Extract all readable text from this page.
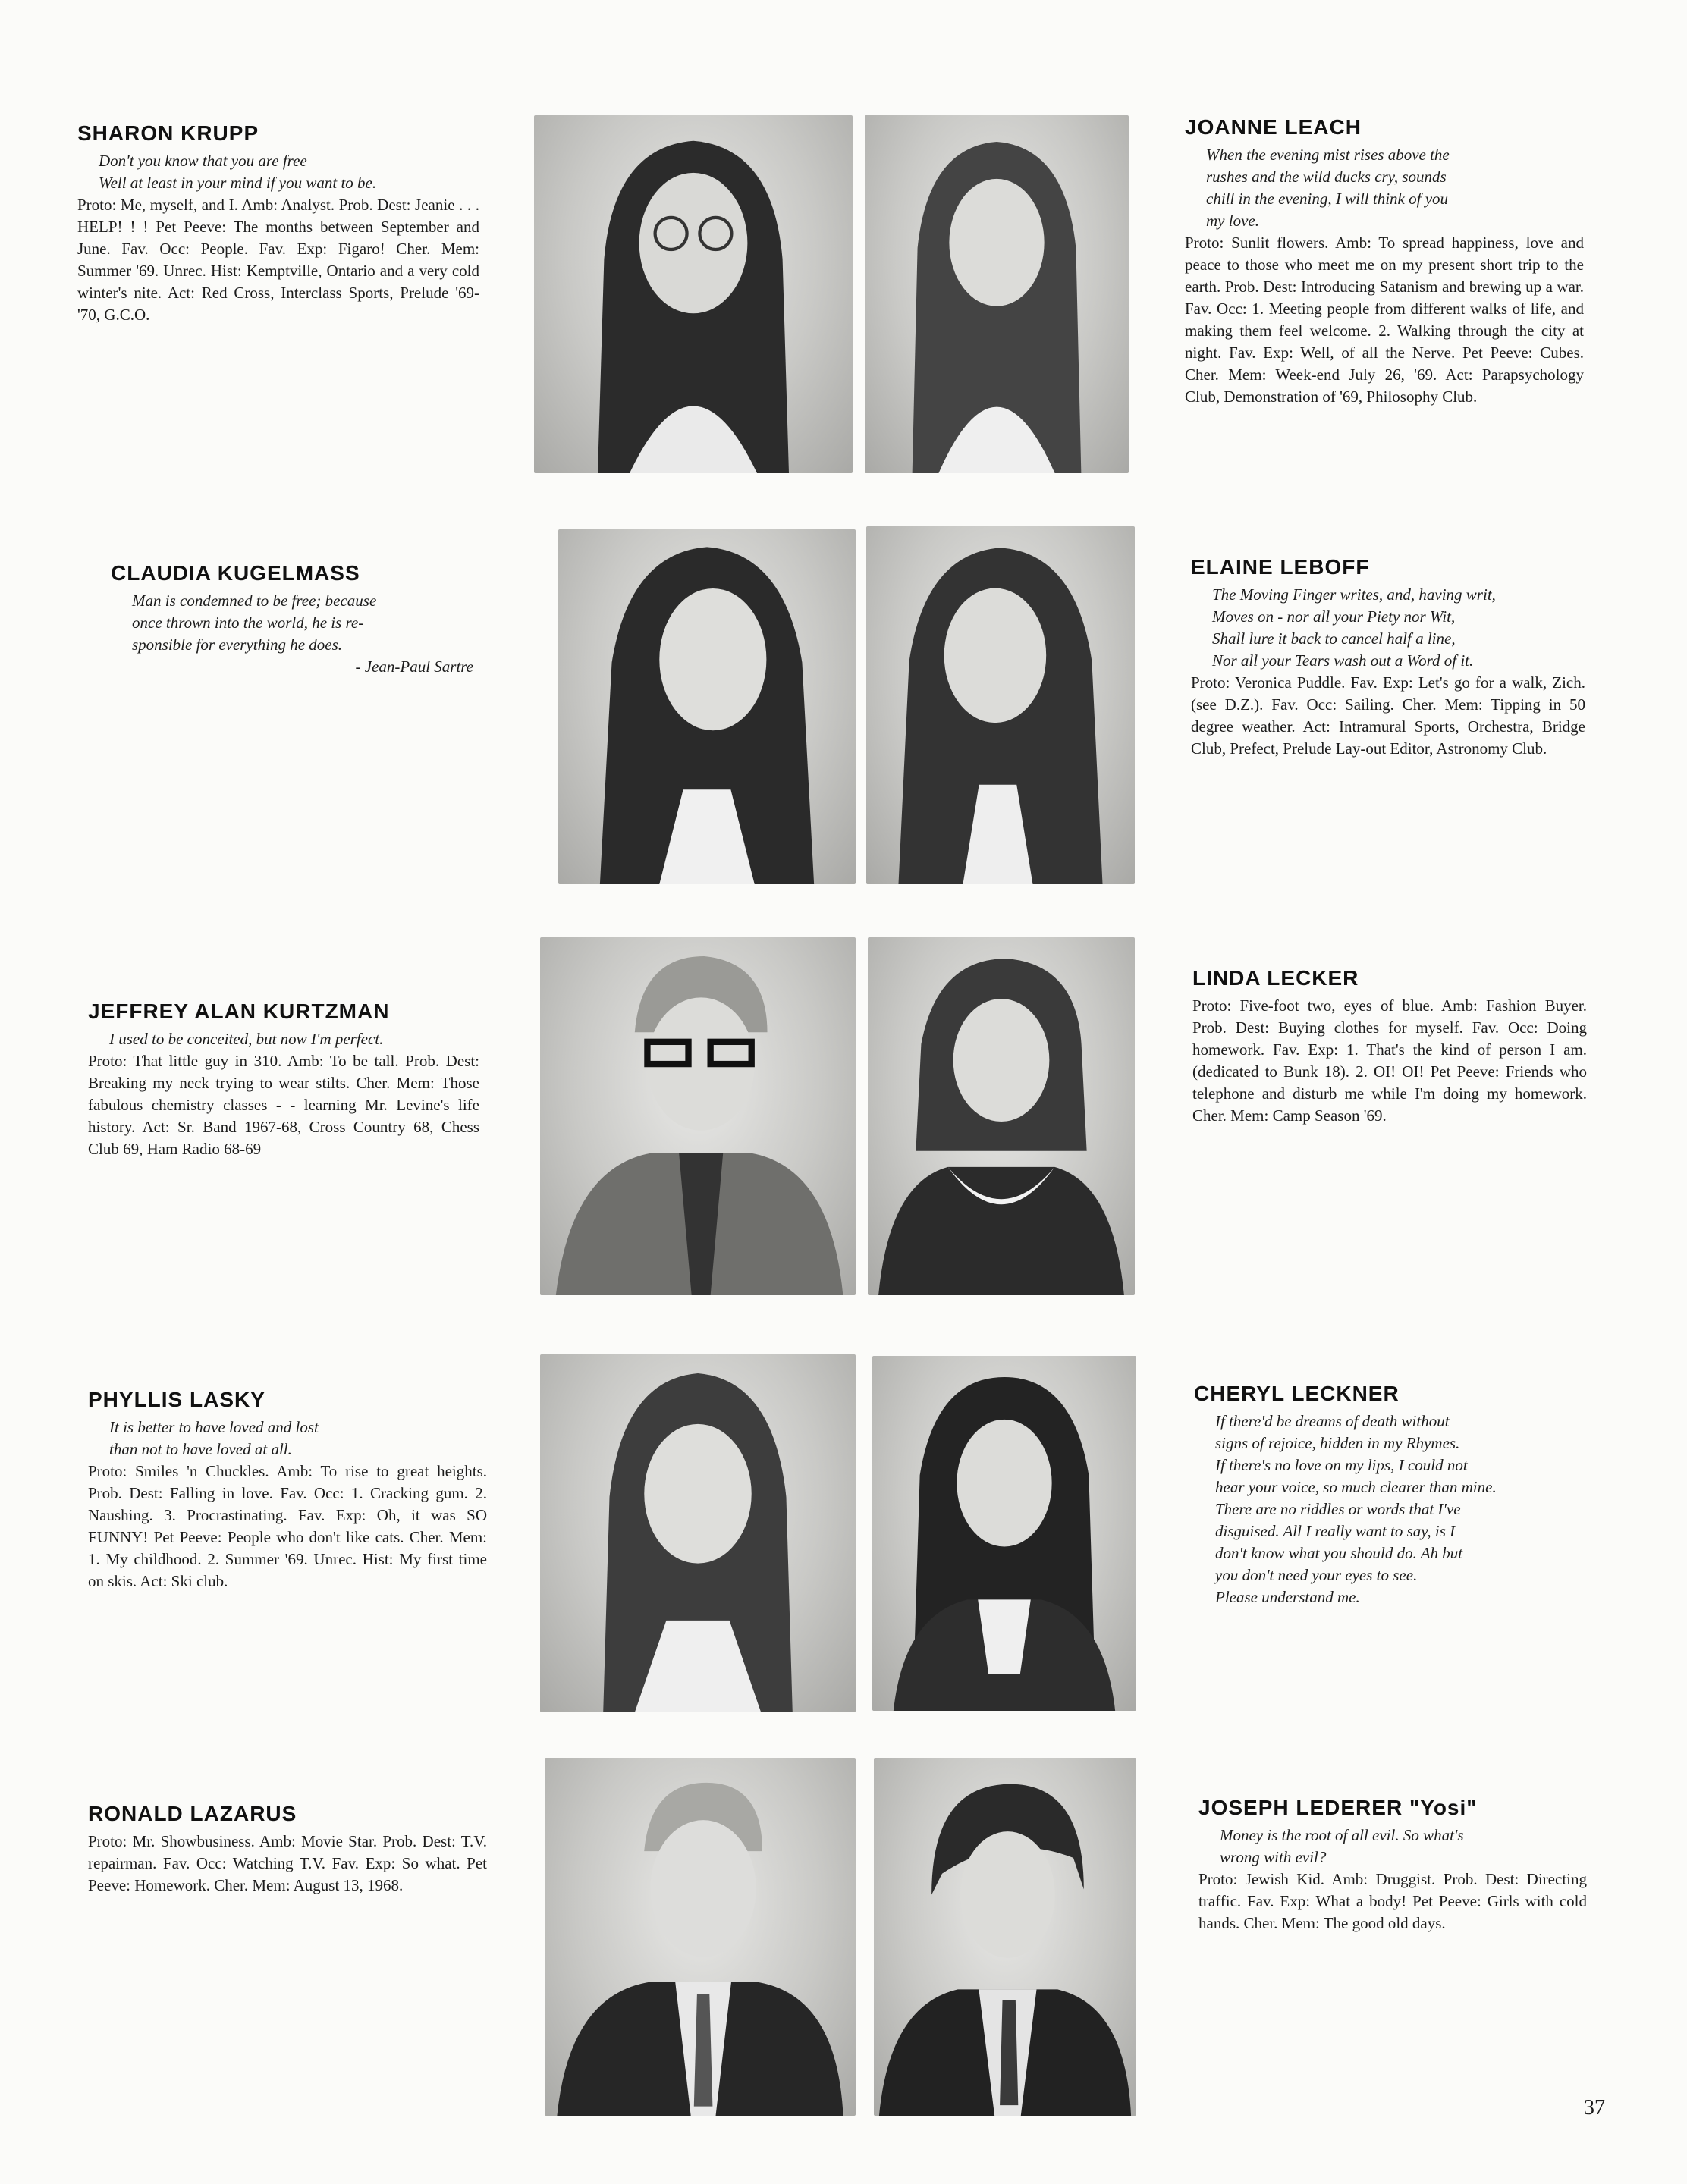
SHARON KRUPP
Don't you know that you are free
Well at least in your mind if you want to be.
Proto: Me, myself, and I. Amb: Analyst. Prob. Dest: Jeanie . . . HELP! ! ! Pet Peeve: The months between September and June. Fav. Occ: People. Fav. Exp: Figaro! Cher. Mem: Summer '69. Unrec. Hist: Kemptville, Ontario and a very cold winter's nite. Act: Red Cross, Interclass Sports, Prelude '69-'70, G.C.O.
JOANNE LEACH
When the evening mist rises above the
rushes and the wild ducks cry, sounds
chill in the evening, I will think of you
my love.
Proto: Sunlit flowers. Amb: To spread happiness, love and peace to those who meet me on my present short trip to the earth. Prob. Dest: Introducing Satanism and brewing up a war. Fav. Occ: 1. Meeting people from different walks of life, and making them feel welcome. 2. Walking through the city at night. Fav. Exp: Well, of all the Nerve. Pet Peeve: Cubes. Cher. Mem: Week-end July 26, '69. Act: Parapsychology Club, Demonstration of '69, Philosophy Club.
CLAUDIA KUGELMASS
Man is condemned to be free; because
once thrown into the world, he is re-
sponsible for everything he does.
- Jean-Paul Sartre
ELAINE LEBOFF
The Moving Finger writes, and, having writ,
Moves on - nor all your Piety nor Wit,
Shall lure it back to cancel half a line,
Nor all your Tears wash out a Word of it.
Proto: Veronica Puddle. Fav. Exp: Let's go for a walk, Zich. (see D.Z.). Fav. Occ: Sailing. Cher. Mem: Tipping in 50 degree weather. Act: Intramural Sports, Orchestra, Bridge Club, Prefect, Prelude Lay-out Editor, Astronomy Club.
JEFFREY ALAN KURTZMAN
I used to be conceited, but now I'm perfect.
Proto: That little guy in 310. Amb: To be tall. Prob. Dest: Breaking my neck trying to wear stilts. Cher. Mem: Those fabulous chemistry classes - - learning Mr. Levine's life history. Act: Sr. Band 1967-68, Cross Country 68, Chess Club 69, Ham Radio 68-69
LINDA LECKER
Proto: Five-foot two, eyes of blue. Amb: Fashion Buyer. Prob. Dest: Buying clothes for myself. Fav. Occ: Doing homework. Fav. Exp: 1. That's the kind of person I am. (dedicated to Bunk 18). 2. OI! OI! Pet Peeve: Friends who telephone and disturb me while I'm doing my homework. Cher. Mem: Camp Season '69.
PHYLLIS LASKY
It is better to have loved and lost
than not to have loved at all.
Proto: Smiles 'n Chuckles. Amb: To rise to great heights. Prob. Dest: Falling in love. Fav. Occ: 1. Cracking gum. 2. Naushing. 3. Procrastinating. Fav. Exp: Oh, it was SO FUNNY! Pet Peeve: People who don't like cats. Cher. Mem: 1. My childhood. 2. Summer '69. Unrec. Hist: My first time on skis. Act: Ski club.
CHERYL LECKNER
If there'd be dreams of death without
signs of rejoice, hidden in my Rhymes.
If there's no love on my lips, I could not
hear your voice, so much clearer than mine.
There are no riddles or words that I've
disguised. All I really want to say, is I
don't know what you should do. Ah but
you don't need your eyes to see.
Please understand me.
RONALD LAZARUS
Proto: Mr. Showbusiness. Amb: Movie Star. Prob. Dest: T.V. repairman. Fav. Occ: Watching T.V. Fav. Exp: So what. Pet Peeve: Homework. Cher. Mem: August 13, 1968.
JOSEPH LEDERER "Yosi"
Money is the root of all evil. So what's
wrong with evil?
Proto: Jewish Kid. Amb: Druggist. Prob. Dest: Directing traffic. Fav. Exp: What a body! Pet Peeve: Girls with cold hands. Cher. Mem: The good old days.
37
